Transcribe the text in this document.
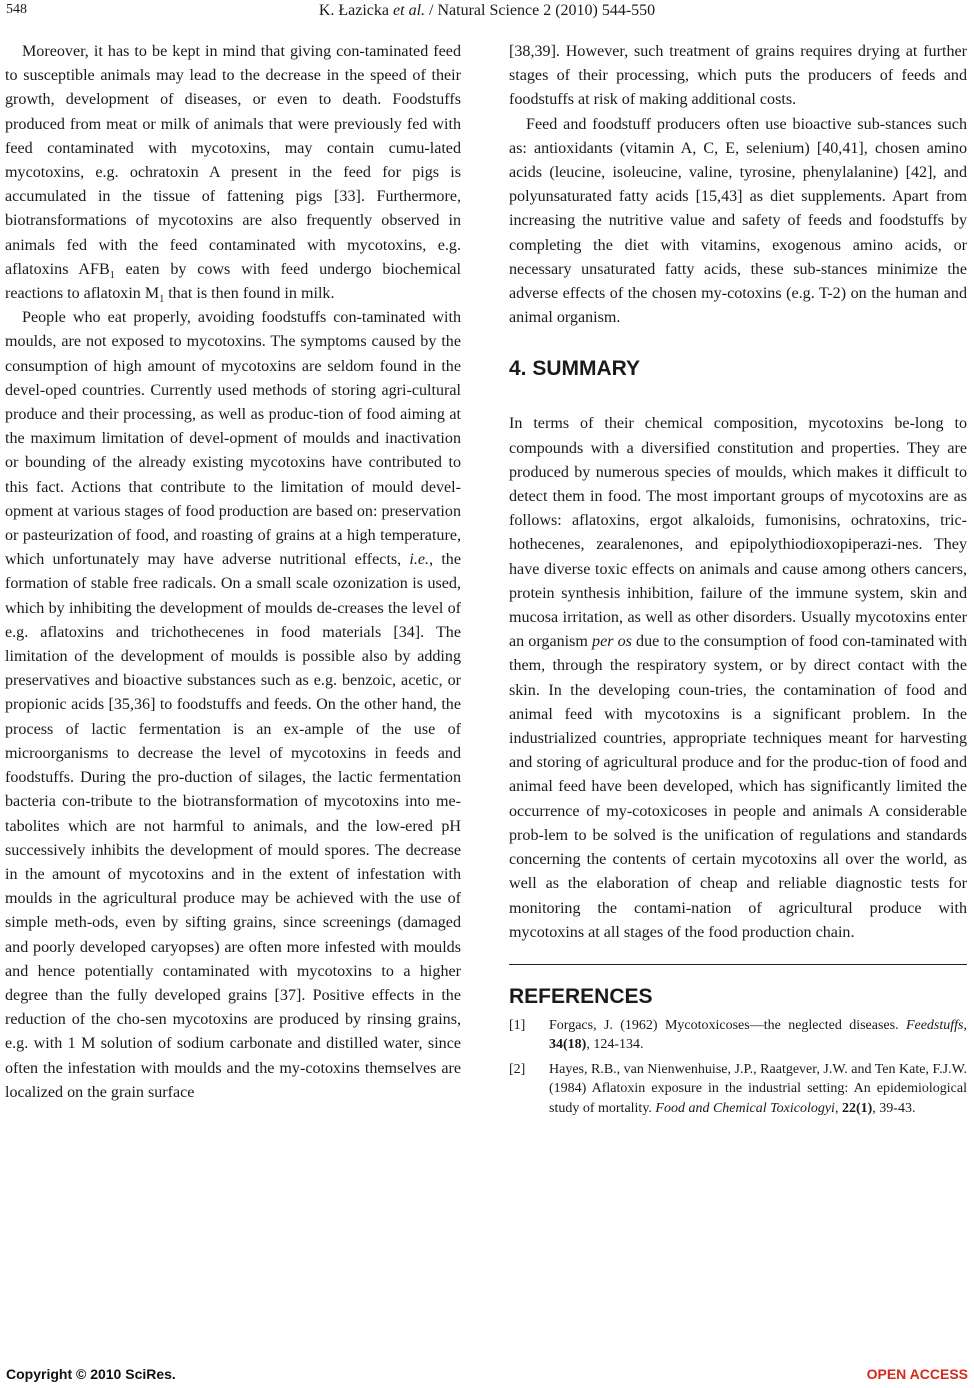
548	K. Łazicka et al. / Natural Science 2 (2010) 544-550

Moreover, it has to be kept in mind that giving con-taminated feed to susceptible animals may lead to the decrease in the speed of their growth, development of diseases, or even to death. Foodstuffs produced from meat or milk of animals that were previously fed with feed contaminated with mycotoxins, may contain cumu-lated mycotoxins, e.g. ochratoxin A present in the feed for pigs is accumulated in the tissue of fattening pigs [33]. Furthermore, biotransformations of mycotoxins are also frequently observed in animals fed with the feed contaminated with mycotoxins, e.g. aflatoxins $AFB_1$ eaten by cows with feed undergo biochemical reactions to aflatoxin $M_1$ that is then found in milk.

People who eat properly, avoiding foodstuffs con-taminated with moulds, are not exposed to mycotoxins. The symptoms caused by the consumption of high amount of mycotoxins are seldom found in the devel-oped countries. Currently used methods of storing agri-cultural produce and their processing, as well as produc-tion of food aiming at the maximum limitation of devel-opment of moulds and inactivation or bounding of the already existing mycotoxins have contributed to this fact. Actions that contribute to the limitation of mould devel-opment at various stages of food production are based on: preservation or pasteurization of food, and roasting of grains at a high temperature, which unfortunately may have adverse nutritional effects, i.e., the formation of stable free radicals. On a small scale ozonization is used, which by inhibiting the development of moulds de-creases the level of e.g. aflatoxins and trichothecenes in food materials [34]. The limitation of the development of moulds is possible also by adding preservatives and bioactive substances such as e.g. benzoic, acetic, or propionic acids [35,36] to foodstuffs and feeds. On the other hand, the process of lactic fermentation is an ex-ample of the use of microorganisms to decrease the level of mycotoxins in feeds and foodstuffs. During the pro-duction of silages, the lactic fermentation bacteria con-tribute to the biotransformation of mycotoxins into me-tabolites which are not harmful to animals, and the low-ered pH successively inhibits the development of mould spores. The decrease in the amount of mycotoxins and in the extent of infestation with moulds in the agricultural produce may be achieved with the use of simple meth-ods, even by sifting grains, since screenings (damaged and poorly developed caryopses) are often more infested with moulds and hence potentially contaminated with mycotoxins to a higher degree than the fully developed grains [37]. Positive effects in the reduction of the cho-sen mycotoxins are produced by rinsing grains, e.g. with 1 M solution of sodium carbonate and distilled water, since often the infestation with moulds and the my-cotoxins themselves are localized on the grain surface

[38,39]. However, such treatment of grains requires drying at further stages of their processing, which puts the producers of feeds and foodstuffs at risk of making additional costs.

Feed and foodstuff producers often use bioactive sub-stances such as: antioxidants (vitamin A, C, E, selenium) [40,41], chosen amino acids (leucine, isoleucine, valine, tyrosine, phenylalanine) [42], and polyunsaturated fatty acids [15,43] as diet supplements. Apart from increasing the nutritive value and safety of feeds and foodstuffs by completing the diet with vitamins, exogenous amino acids, or necessary unsaturated fatty acids, these sub-stances minimize the adverse effects of the chosen my-cotoxins (e.g. T-2) on the human and animal organism.

4. SUMMARY

In terms of their chemical composition, mycotoxins be-long to compounds with a diversified constitution and properties. They are produced by numerous species of moulds, which makes it difficult to detect them in food. The most important groups of mycotoxins are as follows: aflatoxins, ergot alkaloids, fumonisins, ochratoxins, tric-hothecenes, zearalenones, and epipolythiodioxopiperazi-nes. They have diverse toxic effects on animals and cause among others cancers, protein synthesis inhibition, failure of the immune system, skin and mucosa irritation, as well as other disorders. Usually mycotoxins enter an organism per os due to the consumption of food con-taminated with them, through the respiratory system, or by direct contact with the skin. In the developing coun-tries, the contamination of food and animal feed with mycotoxins is a significant problem. In the industrialized countries, appropriate techniques meant for harvesting and storing of agricultural produce and for the produc-tion of food and animal feed have been developed, which has significantly limited the occurrence of my-cotoxicoses in people and animals A considerable prob-lem to be solved is the unification of regulations and standards concerning the contents of certain mycotoxins all over the world, as well as the elaboration of cheap and reliable diagnostic tests for monitoring the contami-nation of agricultural produce with mycotoxins at all stages of the food production chain.

REFERENCES
[1]	Forgacs, J. (1962) Mycotoxicoses—the neglected diseases. Feedstuffs, 34(18), 124-134.
[2]	Hayes, R.B., van Nienwenhuise, J.P., Raatgever, J.W. and Ten Kate, F.J.W. (1984) Aflatoxin exposure in the industrial setting: An epidemiological study of mortality. Food and Chemical Toxicologyi, 22(1), 39-43.
Copyright © 2010 SciRes.	OPEN ACCESS
